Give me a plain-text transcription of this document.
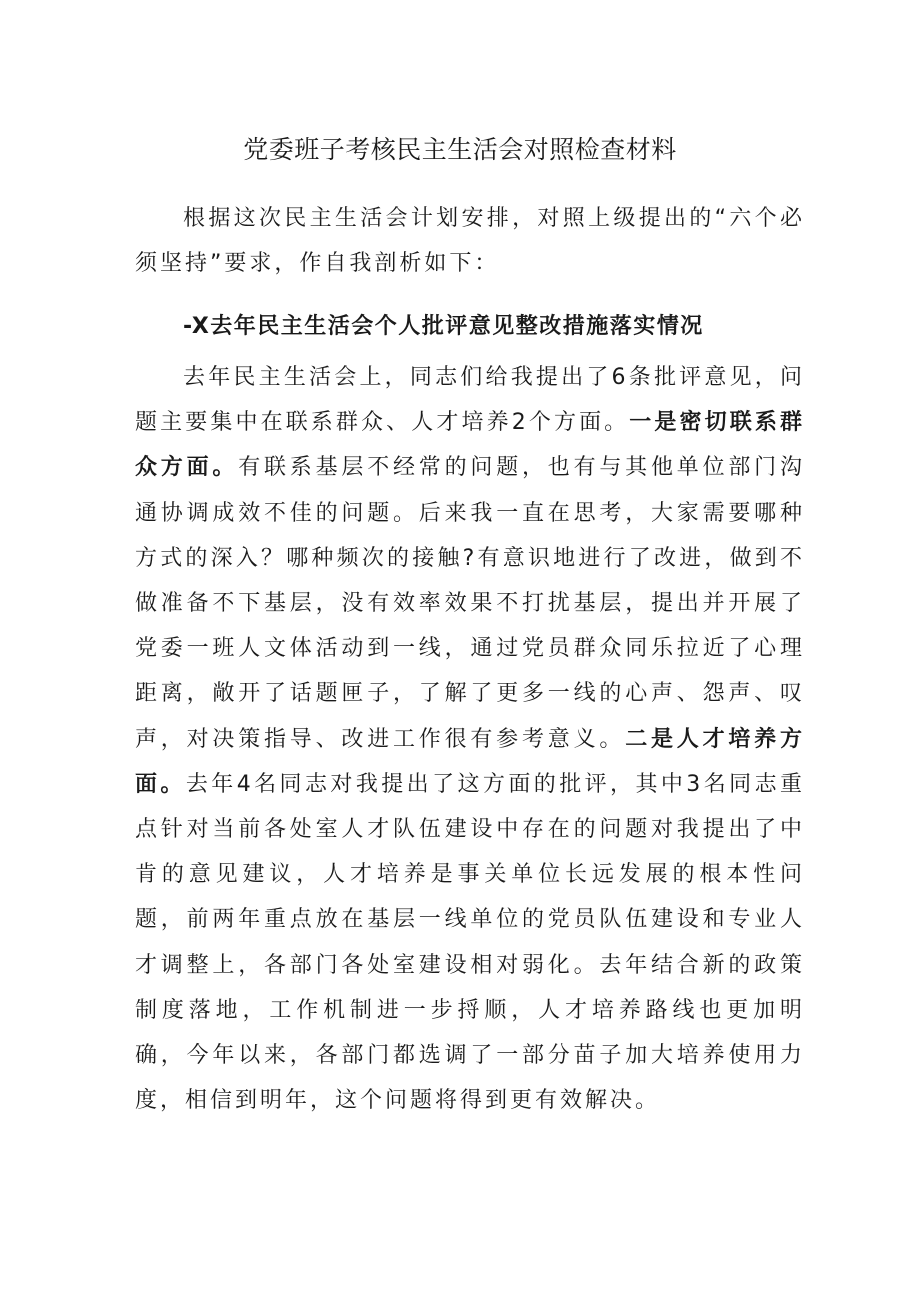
党委班子考核民主生活会对照检查材料

根据这次民主生活会计划安排，对照上级提出的“六个必须坚持”要求，作自我剖析如下：

-X去年民主生活会个人批评意见整改措施落实情况

去年民主生活会上，同志们给我提出了6条批评意见，问题主要集中在联系群众、人才培养2个方面。一是密切联系群众方面。有联系基层不经常的问题，也有与其他单位部门沟通协调成效不佳的问题。后来我一直在思考，大家需要哪种方式的深入？哪种频次的接触?有意识地进行了改进，做到不做准备不下基层，没有效率效果不打扰基层，提出并开展了党委一班人文体活动到一线，通过党员群众同乐拉近了心理距离，敞开了话题匣子，了解了更多一线的心声、怨声、叹声，对决策指导、改进工作很有参考意义。二是人才培养方面。去年4名同志对我提出了这方面的批评，其中3名同志重点针对当前各处室人才队伍建设中存在的问题对我提出了中肯的意见建议，人才培养是事关单位长远发展的根本性问题，前两年重点放在基层一线单位的党员队伍建设和专业人才调整上，各部门各处室建设相对弱化。去年结合新的政策制度落地，工作机制进一步捋顺，人才培养路线也更加明确，今年以来，各部门都选调了一部分苗子加大培养使用力度，相信到明年，这个问题将得到更有效解决。
